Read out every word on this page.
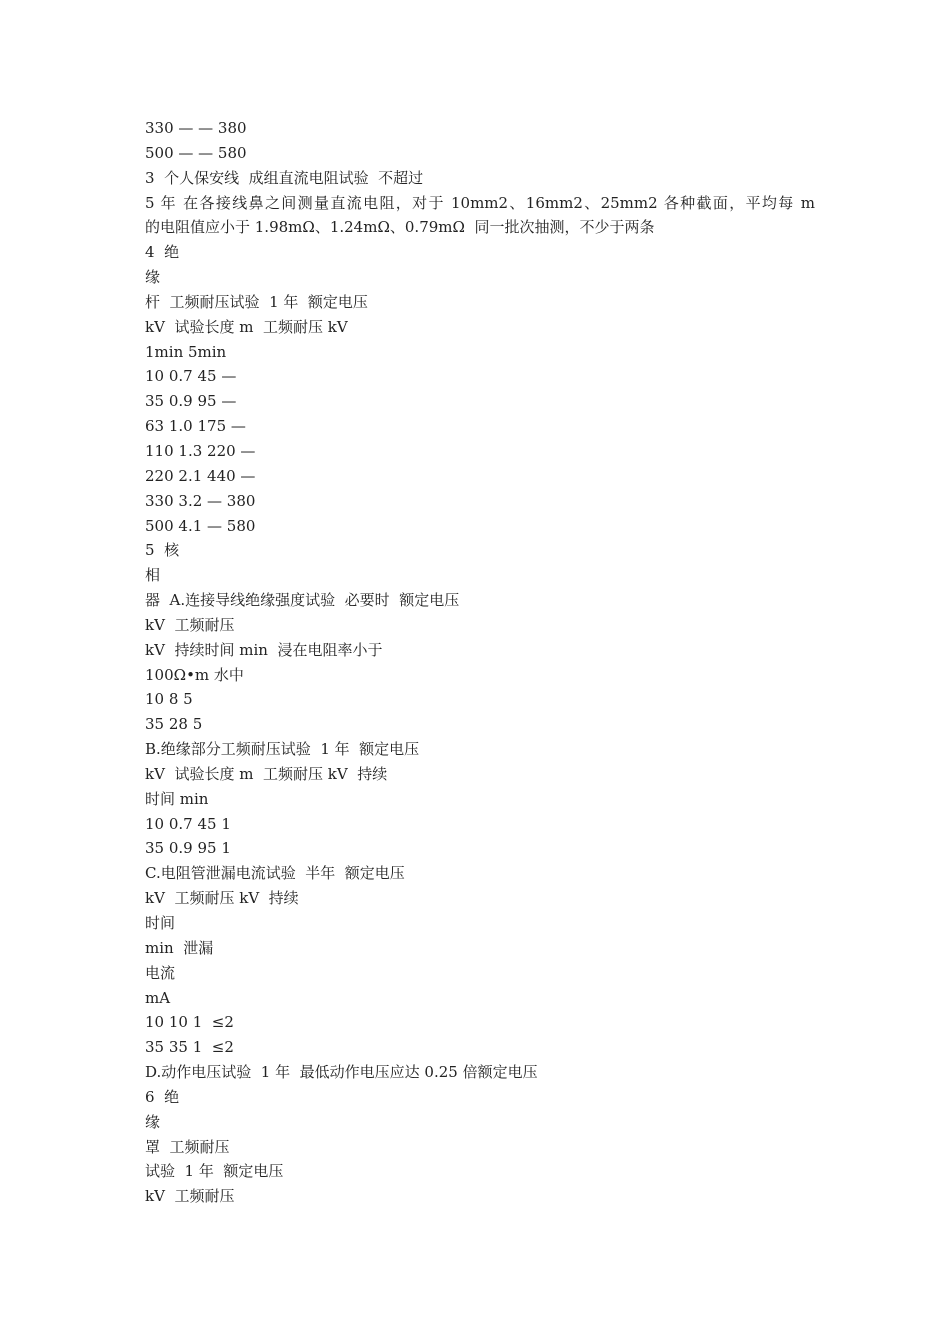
330 — — 380
500 — — 580
3  个人保安线  成组直流电阻试验  不超过
5 年 在各接线鼻之间测量直流电阻，对于 10mm2、16mm2、25mm2 各种截面，平均每 m
的电阻值应小于 1.98mΩ、1.24mΩ、0.79mΩ  同一批次抽测，不少于两条
4  绝
缘
杆  工频耐压试验  1 年  额定电压
kV  试验长度 m  工频耐压 kV
1min 5min
10 0.7 45 —
35 0.9 95 —
63 1.0 175 —
110 1.3 220 —
220 2.1 440 —
330 3.2 — 380
500 4.1 — 580
5  核
相
器  A.连接导线绝缘强度试验  必要时  额定电压
kV  工频耐压
kV  持续时间 min  浸在电阻率小于
100Ω•m 水中
10 8 5
35 28 5
B.绝缘部分工频耐压试验  1 年  额定电压
kV  试验长度 m  工频耐压 kV  持续
时间 min
10 0.7 45 1
35 0.9 95 1
C.电阻管泄漏电流试验  半年  额定电压
kV  工频耐压 kV  持续
时间
min  泄漏
电流
mA
10 10 1  ≤2
35 35 1  ≤2
D.动作电压试验  1 年  最低动作电压应达 0.25 倍额定电压
6  绝
缘
罩  工频耐压
试验  1 年  额定电压
kV  工频耐压
